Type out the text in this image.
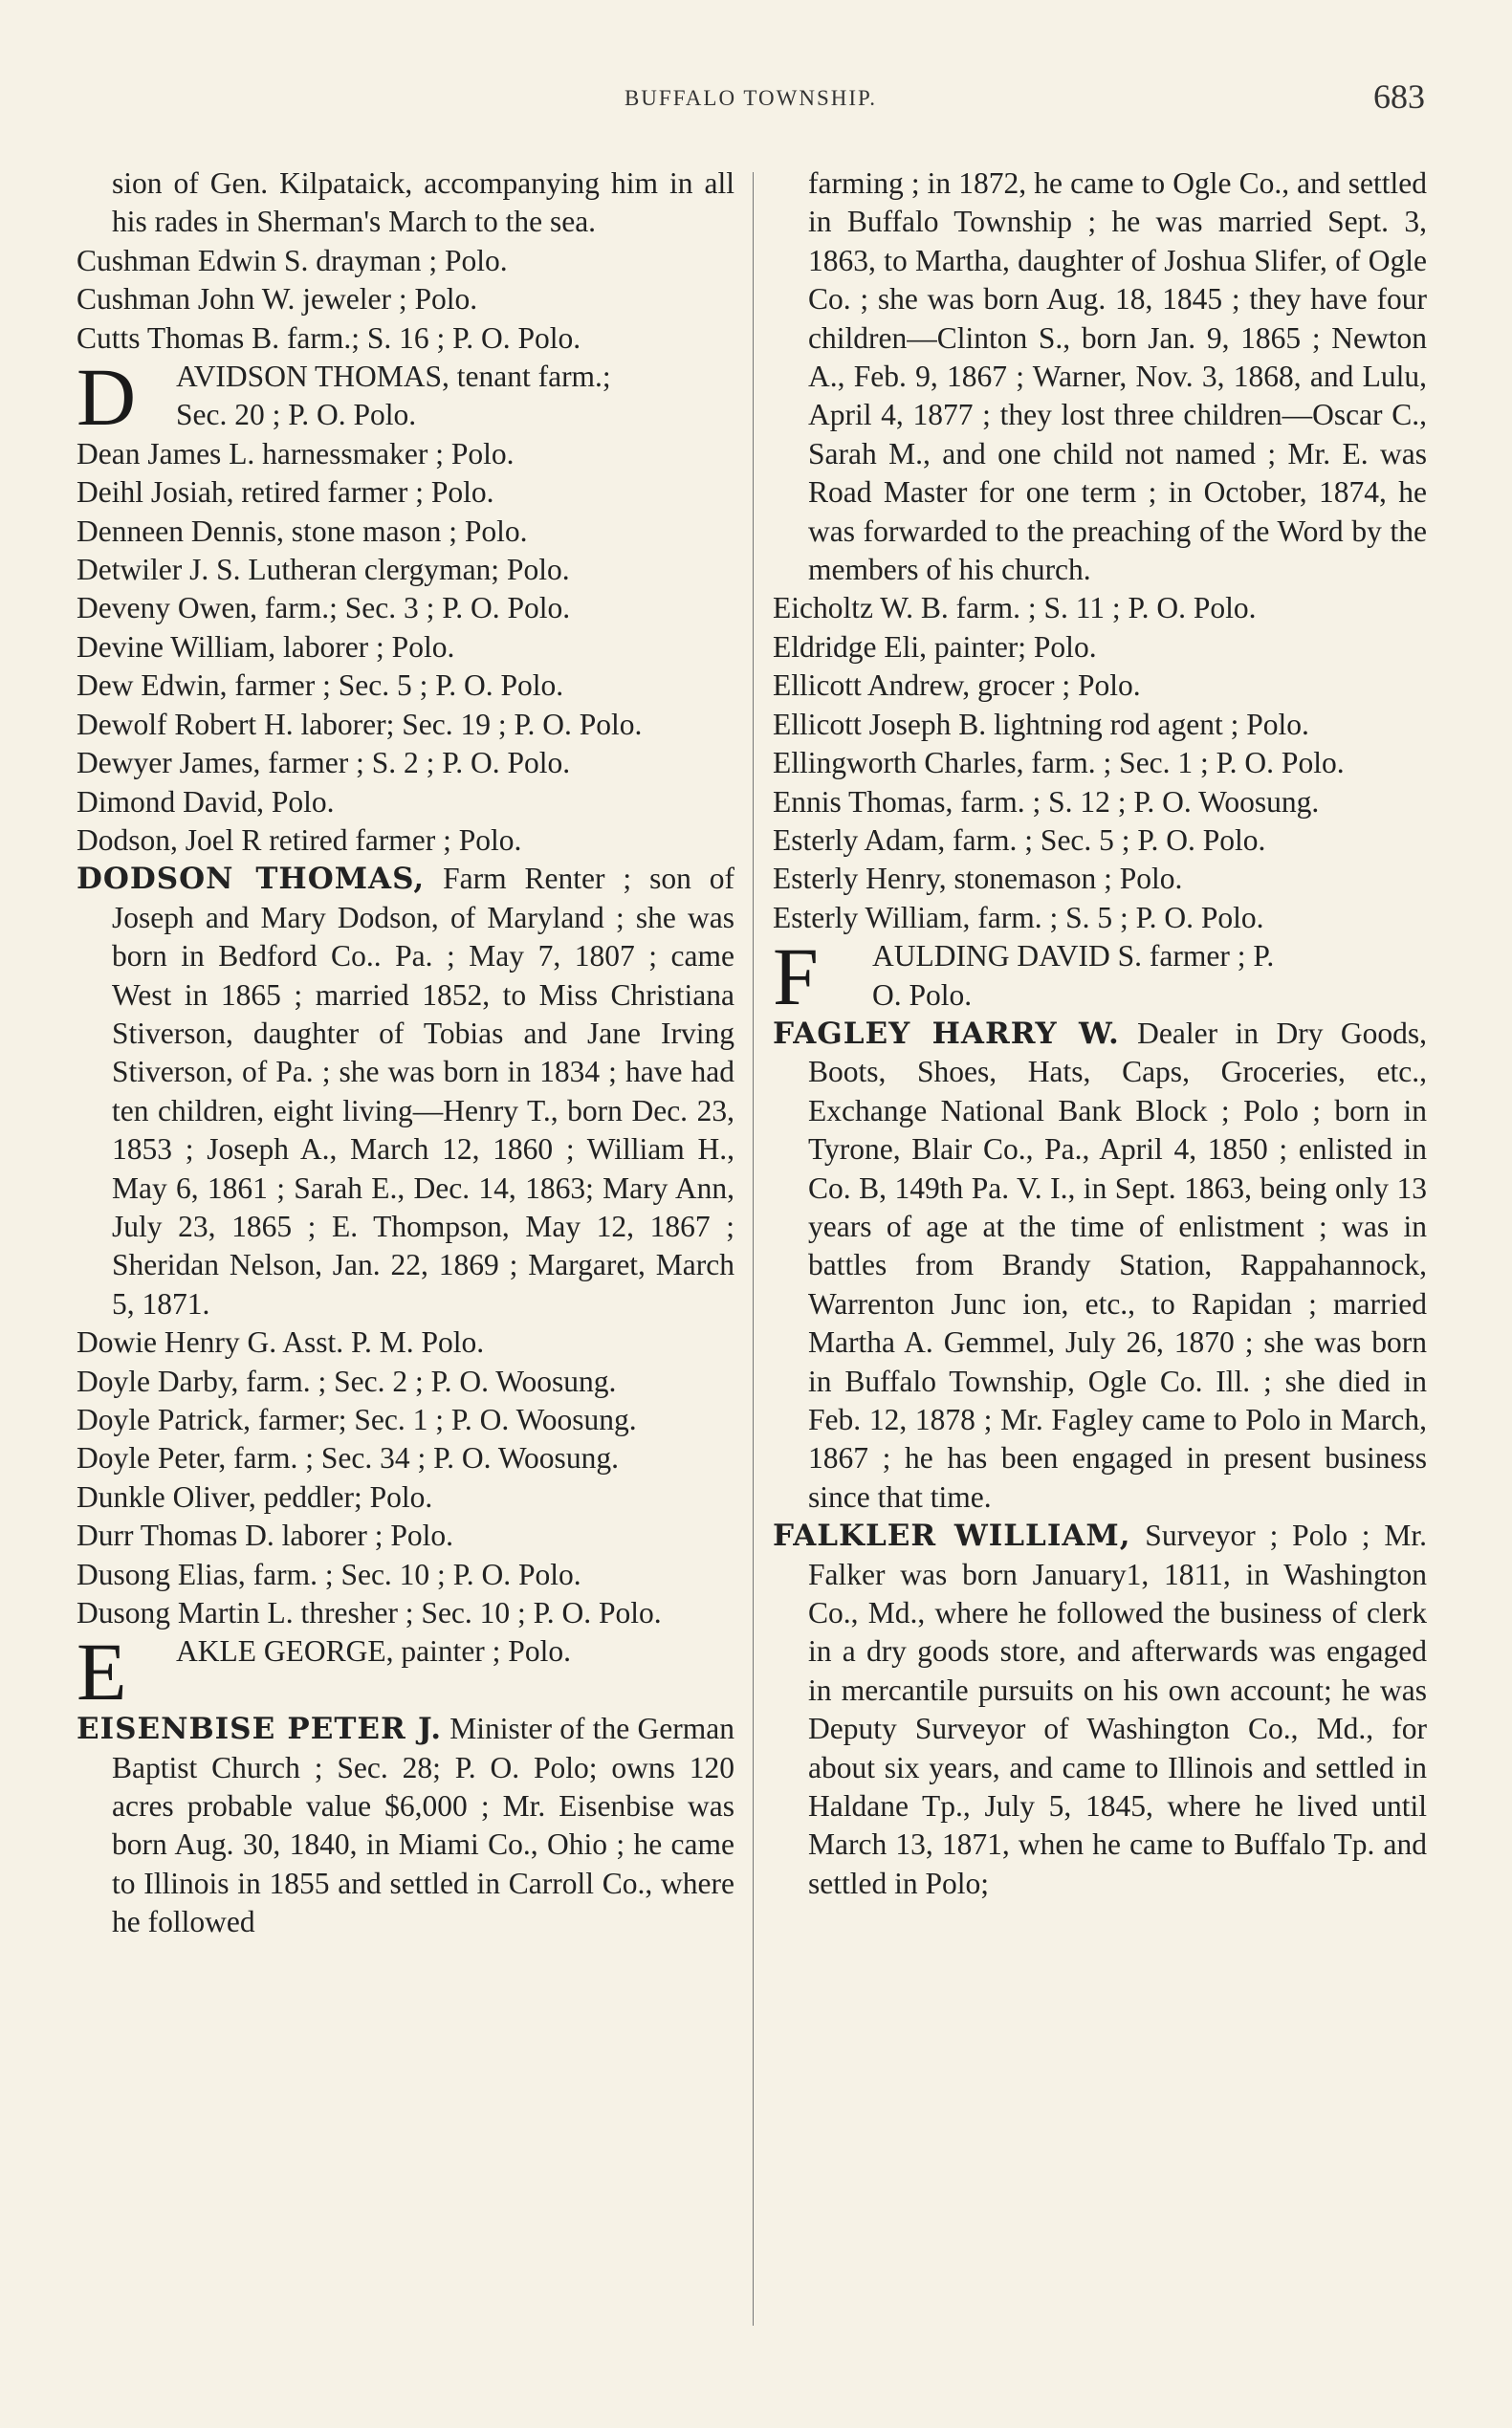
BUFFALO TOWNSHIP.	683

sion of Gen. Kilpataick, accompanying him in all his rades in Sherman's March to the sea.

Cushman Edwin S. drayman ; Polo.

Cushman John W. jeweler ; Polo.

Cutts Thomas B. farm.; S. 16 ; P. O. Polo.

D AVIDSON THOMAS, tenant farm.;
Sec. 20 ; P. O. Polo.

Dean James L. harnessmaker ; Polo.

Deihl Josiah, retired farmer ; Polo.

Denneen Dennis, stone mason ; Polo.

Detwiler J. S. Lutheran clergyman; Polo.

Deveny Owen, farm.; Sec. 3 ; P. O. Polo.

Devine William, laborer ; Polo.

Dew Edwin, farmer ; Sec. 5 ; P. O. Polo.

Dewolf Robert H. laborer; Sec. 19 ; P. O. Polo.

Dewyer James, farmer ; S. 2 ; P. O. Polo.

Dimond David, Polo.

Dodson, Joel R retired farmer ; Polo.

DODSON THOMAS, Farm Renter ; son of Joseph and Mary Dodson, of Maryland ; she was born in Bedford Co.. Pa. ; May 7, 1807 ; came West in 1865 ; married 1852, to Miss Christiana Stiverson, daughter of Tobias and Jane Irving Stiverson, of Pa. ; she was born in 1834 ; have had ten children, eight living—Henry T., born Dec. 23, 1853 ; Joseph A., March 12, 1860 ; William H., May 6, 1861 ; Sarah E., Dec. 14, 1863; Mary Ann, July 23, 1865 ; E. Thompson, May 12, 1867 ; Sheridan Nelson, Jan. 22, 1869 ; Margaret, March 5, 1871.

Dowie Henry G. Asst. P. M. Polo.

Doyle Darby, farm. ; Sec. 2 ; P. O. Woosung.

Doyle Patrick, farmer; Sec. 1 ; P. O. Woosung.

Doyle Peter, farm. ; Sec. 34 ; P. O. Woosung.

Dunkle Oliver, peddler; Polo.

Durr Thomas D. laborer ; Polo.

Dusong Elias, farm. ; Sec. 10 ; P. O. Polo.

Dusong Martin L. thresher ; Sec. 10 ; P. O. Polo.

E AKLE GEORGE, painter ; Polo.

EISENBISE PETER J. Minister of the German Baptist Church ; Sec. 28; P. O. Polo; owns 120 acres probable value $6,000 ; Mr. Eisenbise was born Aug. 30, 1840, in Miami Co., Ohio ; he came to Illinois in 1855 and settled in Carroll Co., where he followed

farming ; in 1872, he came to Ogle Co., and settled in Buffalo Township ; he was married Sept. 3, 1863, to Martha, daughter of Joshua Slifer, of Ogle Co. ; she was born Aug. 18, 1845 ; they have four children—Clinton S., born Jan. 9, 1865 ; Newton A., Feb. 9, 1867 ; Warner, Nov. 3, 1868, and Lulu, April 4, 1877 ; they lost three children—Oscar C., Sarah M., and one child not named ; Mr. E. was Road Master for one term ; in October, 1874, he was forwarded to the preaching of the Word by the members of his church.

Eicholtz W. B. farm. ; S. 11 ; P. O. Polo.

Eldridge Eli, painter; Polo.

Ellicott Andrew, grocer ; Polo.

Ellicott Joseph B. lightning rod agent ; Polo.

Ellingworth Charles, farm. ; Sec. 1 ; P. O. Polo.

Ennis Thomas, farm. ; S. 12 ; P. O. Woosung.

Esterly Adam, farm. ; Sec. 5 ; P. O. Polo.

Esterly Henry, stonemason ; Polo.

Esterly William, farm. ; S. 5 ; P. O. Polo.

F AULDING DAVID S. farmer ; P.
O. Polo.

FAGLEY HARRY W. Dealer in Dry Goods, Boots, Shoes, Hats, Caps, Groceries, etc., Exchange National Bank Block ; Polo ; born in Tyrone, Blair Co., Pa., April 4, 1850 ; enlisted in Co. B, 149th Pa. V. I., in Sept. 1863, being only 13 years of age at the time of enlistment ; was in battles from Brandy Station, Rappahannock, Warrenton Junc ion, etc., to Rapidan ; married Martha A. Gemmel, July 26, 1870 ; she was born in Buffalo Township, Ogle Co. Ill. ; she died in Feb. 12, 1878 ; Mr. Fagley came to Polo in March, 1867 ; he has been engaged in present business since that time.

FALKLER WILLIAM, Surveyor ; Polo ; Mr. Falker was born January1, 1811, in Washington Co., Md., where he followed the business of clerk in a dry goods store, and afterwards was engaged in mercantile pursuits on his own account; he was Deputy Surveyor of Washington Co., Md., for about six years, and came to Illinois and settled in Haldane Tp., July 5, 1845, where he lived until March 13, 1871, when he came to Buffalo Tp. and settled in Polo;
